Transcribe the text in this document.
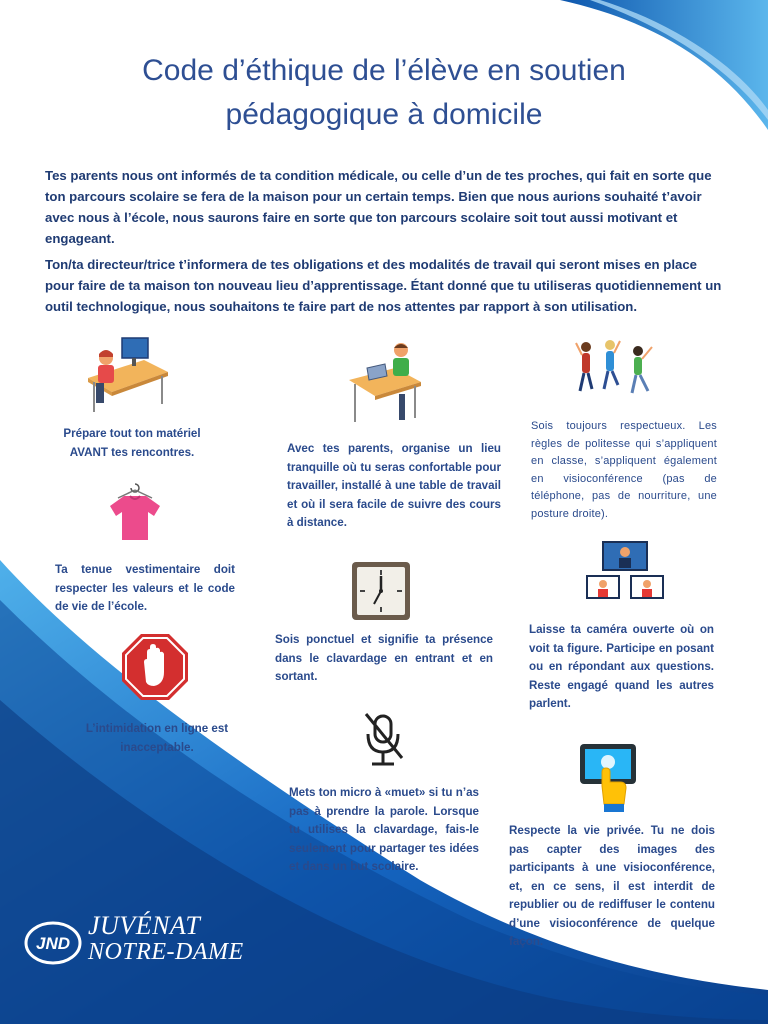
Code d’éthique de l’élève en soutien
pédagogique à domicile

Tes parents nous ont informés de ta condition médicale, ou celle d’un de tes proches, qui fait en sorte que ton parcours scolaire se fera de la maison pour un certain temps. Bien que nous aurions souhaité t’avoir avec nous à l’école, nous saurons faire en sorte que ton parcours scolaire soit tout aussi motivant et engageant.

Ton/ta directeur/trice t’informera de tes obligations et des modalités de travail qui seront mises en place pour faire de ta maison ton nouveau lieu d’apprentissage. Étant donné que tu utiliseras quotidiennement un outil technologique, nous souhaitons te faire part de nos attentes par rapport à son utilisation.

Prépare tout ton matériel AVANT tes rencontres.	Avec tes parents, organise un lieu tranquille où tu seras confortable pour travailler, installé à une table de travail et où il sera facile de suivre des cours à distance.

Sois toujours respectueux. Les règles de politesse qui s’appliquent en classe, s’appliquent également en visioconférence (pas de téléphone, pas de nourriture, une posture droite).

Ta tenue vestimentaire doit respecter les valeurs et le code de vie de l’école.

Sois ponctuel et signifie ta présence dans le clavardage en entrant et en sortant.

Laisse ta caméra ouverte où on voit ta figure. Participe en posant ou en répondant aux questions. Reste engagé quand les autres parlent.

L’intimidation en ligne est inacceptable.

Mets ton micro à «muet» si tu n’as pas à prendre la parole. Lorsque tu utilises la clavardage, fais-le seulement pour partager tes idées et dans un but scolaire.

Respecte la vie privée. Tu ne dois pas capter des images des participants à une visioconférence, et, en ce sens, il est interdit de republier ou de rediffuser le contenu d’une visioconférence de quelque façon.

JND
JUVÉNAT
NOTRE-DAME
